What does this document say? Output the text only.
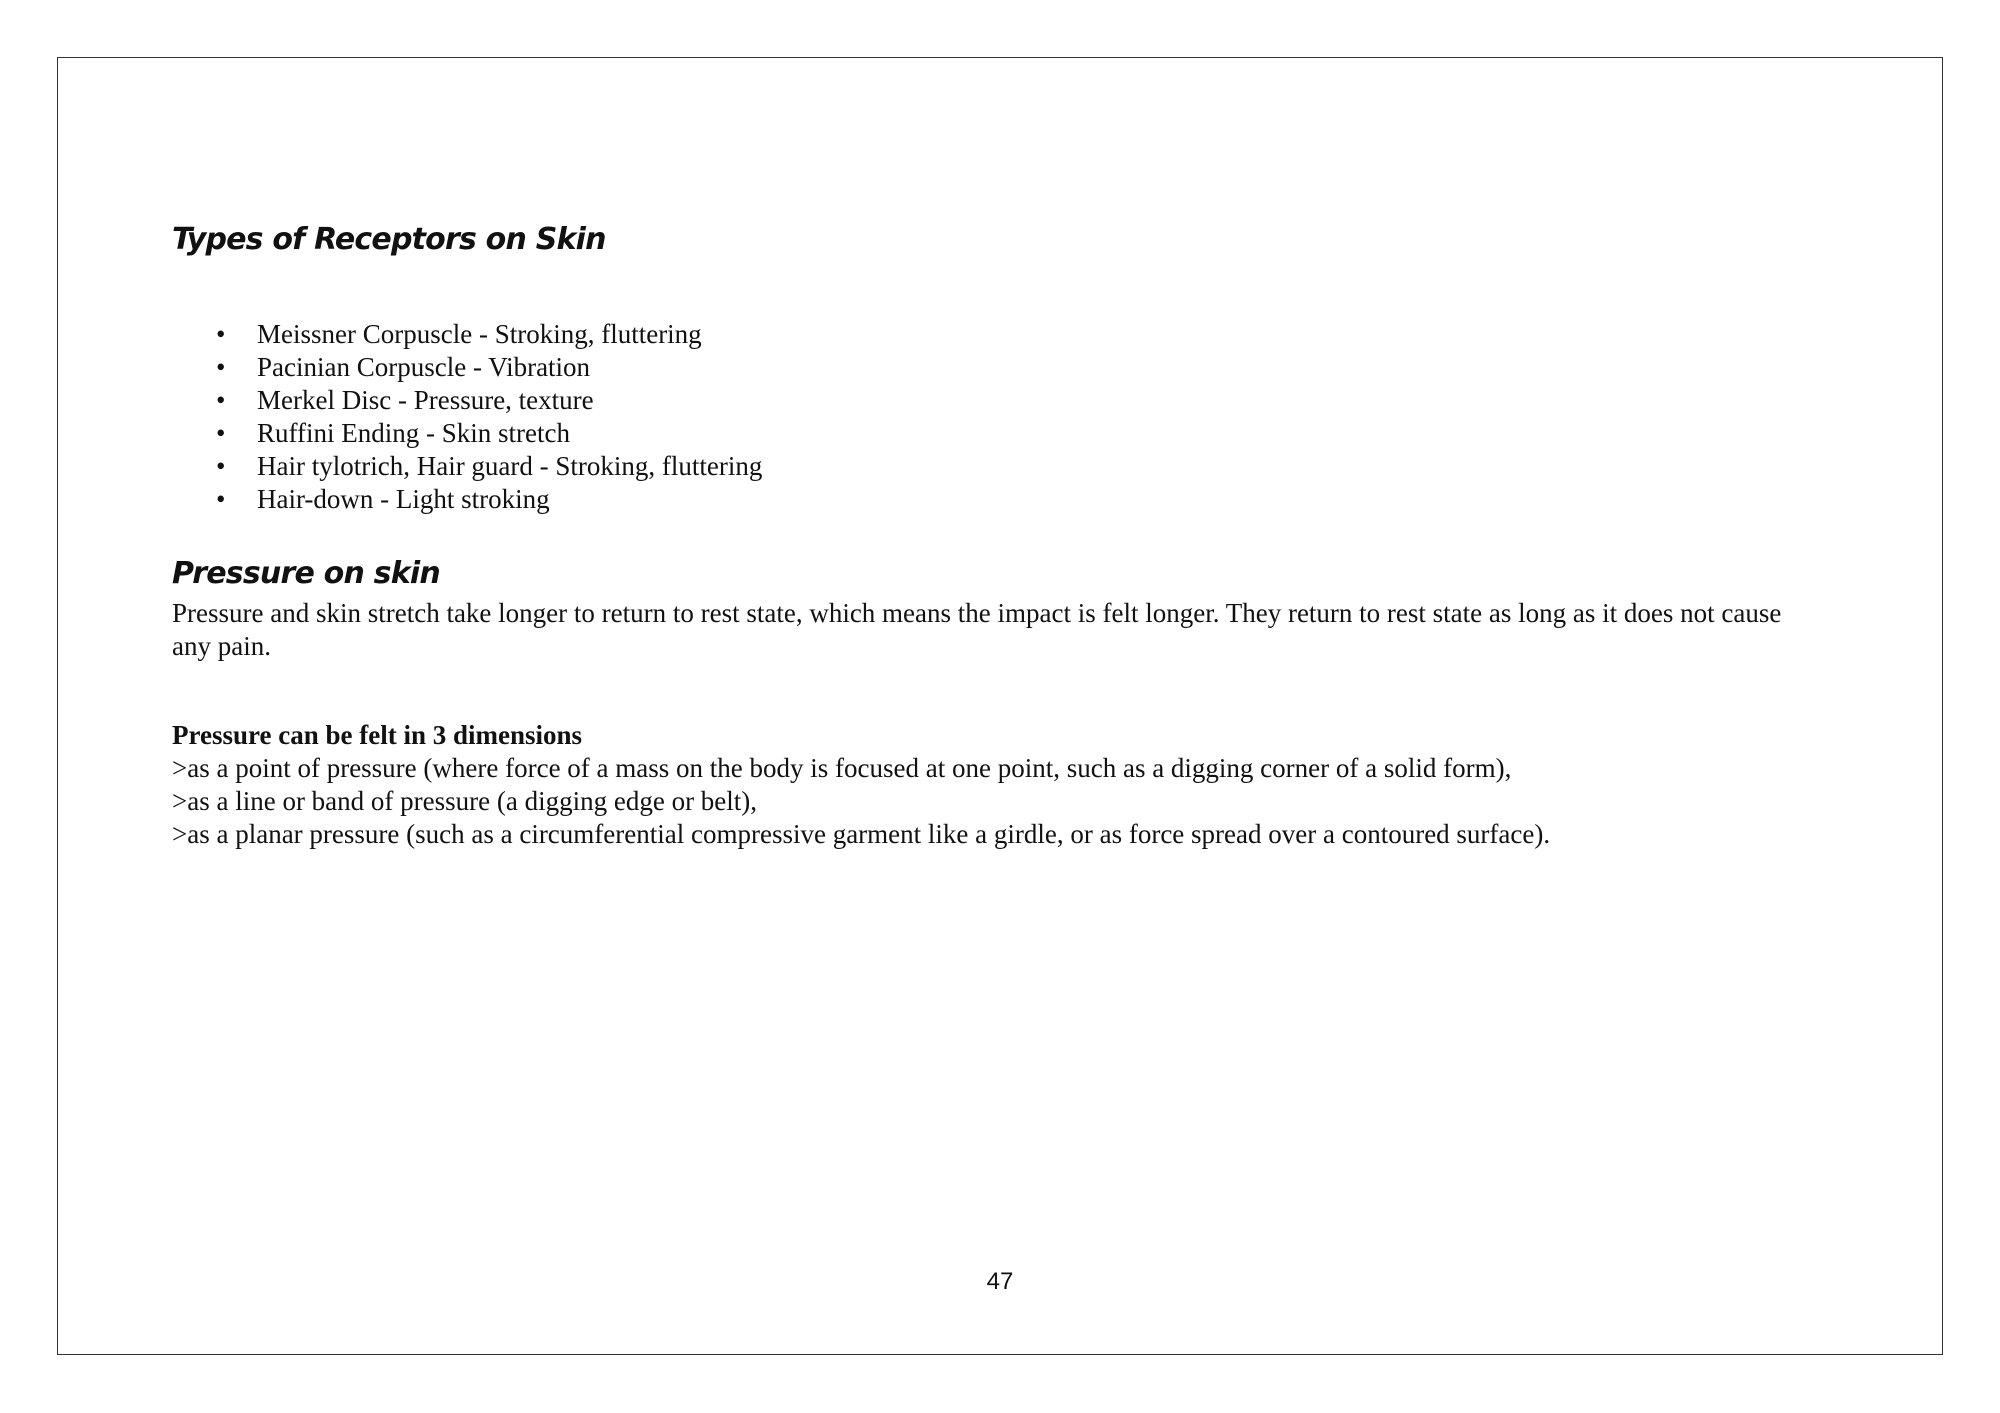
Types of Receptors on Skin
• Meissner Corpuscle - Stroking, fluttering
• Pacinian Corpuscle - Vibration
• Merkel Disc - Pressure, texture
• Ruffini Ending - Skin stretch
• Hair tylotrich, Hair guard - Stroking, fluttering
• Hair-down - Light stroking
Pressure on skin

Pressure and skin stretch take longer to return to rest state, which means the impact is felt longer. They return to rest state as long as it does not cause any pain.

Pressure can be felt in 3 dimensions

>as a point of pressure (where force of a mass on the body is focused at one point, such as a digging corner of a solid form),
>as a line or band of pressure (a digging edge or belt),
>as a planar pressure (such as a circumferential compressive garment like a girdle, or as force spread over a contoured surface).
47
